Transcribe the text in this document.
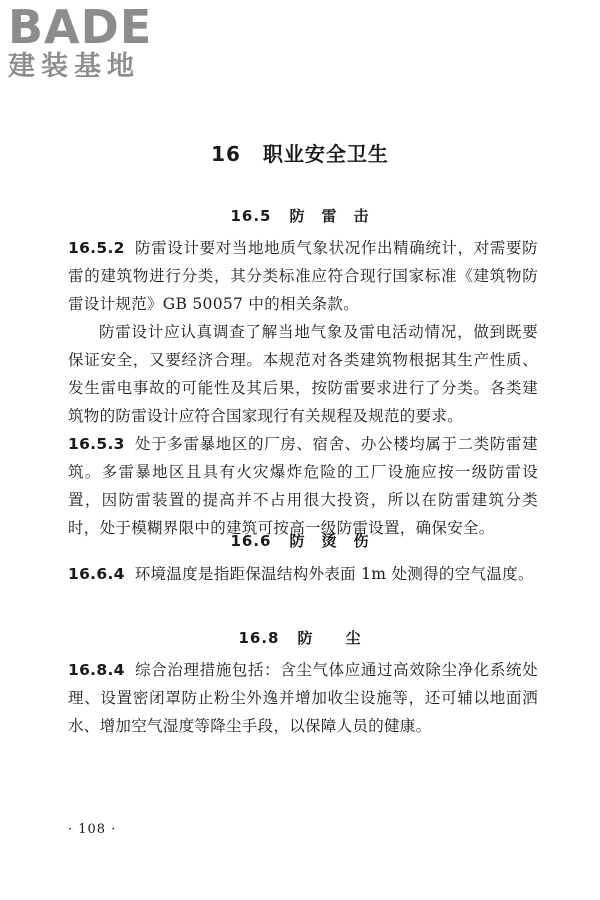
BADE
建装基地
16 职业安全卫生
16.5 防　雷　击
16.5.2 防雷设计要对当地地质气象状况作出精确统计，对需要防雷的建筑物进行分类，其分类标准应符合现行国家标准《建筑物防雷设计规范》GB 50057 中的相关条款。
防雷设计应认真调查了解当地气象及雷电活动情况，做到既要保证安全，又要经济合理。本规范对各类建筑物根据其生产性质、发生雷电事故的可能性及其后果，按防雷要求进行了分类。各类建筑物的防雷设计应符合国家现行有关规程及规范的要求。
16.5.3 处于多雷暴地区的厂房、宿舍、办公楼均属于二类防雷建筑。多雷暴地区且具有火灾爆炸危险的工厂设施应按一级防雷设置，因防雷装置的提高并不占用很大投资，所以在防雷建筑分类时，处于模糊界限中的建筑可按高一级防雷设置，确保安全。
16.6 防　烫　伤
16.6.4 环境温度是指距保温结构外表面 1m 处测得的空气温度。
16.8 防　　尘
16.8.4 综合治理措施包括：含尘气体应通过高效除尘净化系统处理、设置密闭罩防止粉尘外逸并增加收尘设施等，还可辅以地面洒水、增加空气湿度等降尘手段，以保障人员的健康。
· 108 ·
